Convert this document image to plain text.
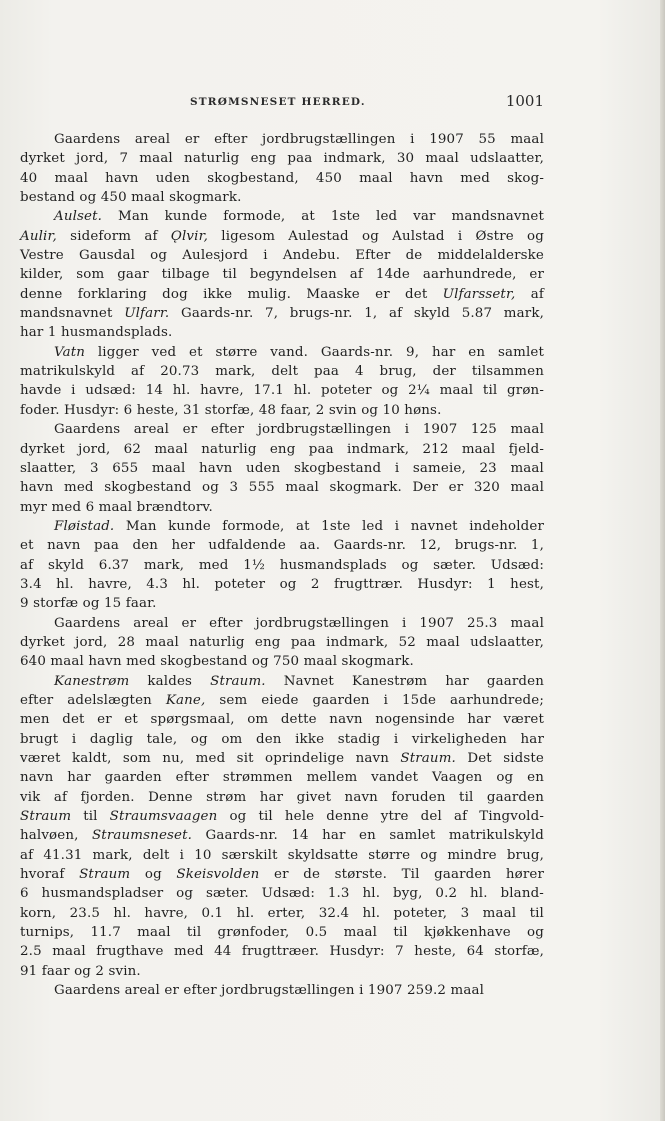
STRØMSNESET HERRED.	1001
Gaardens areal er efter jordbrugstællingen i 1907 55 maal
dyrket jord, 7 maal naturlig eng paa indmark, 30 maal udslaatter,
40 maal havn uden skogbestand, 450 maal havn med skog-
bestand og 450 maal skogmark.
Aulset. Man kunde formode, at 1ste led var mandsnavnet
Aulir, sideform af Ǫlvir, ligesom Aulestad og Aulstad i Østre og
Vestre Gausdal og Aulesjord i Andebu. Efter de middelalderske
kilder, som gaar tilbage til begyndelsen af 14de aarhundrede, er
denne forklaring dog ikke mulig. Maaske er det Ulfarssetr, af
mandsnavnet Ulfarr. Gaards-nr. 7, brugs-nr. 1, af skyld 5.87 mark,
har 1 husmandsplads.
Vatn ligger ved et større vand. Gaards-nr. 9, har en samlet
matrikulskyld af 20.73 mark, delt paa 4 brug, der tilsammen
havde i udsæd: 14 hl. havre, 17.1 hl. poteter og 2¼ maal til grøn-
foder. Husdyr: 6 heste, 31 storfæ, 48 faar, 2 svin og 10 høns.
Gaardens areal er efter jordbrugstællingen i 1907 125 maal
dyrket jord, 62 maal naturlig eng paa indmark, 212 maal fjeld-
slaatter, 3 655 maal havn uden skogbestand i sameie, 23 maal
havn med skogbestand og 3 555 maal skogmark. Der er 320 maal
myr med 6 maal brændtorv.
Fløistad. Man kunde formode, at 1ste led i navnet indeholder
et navn paa den her udfaldende aa. Gaards-nr. 12, brugs-nr. 1,
af skyld 6.37 mark, med 1½ husmandsplads og sæter. Udsæd:
3.4 hl. havre, 4.3 hl. poteter og 2 frugttrær. Husdyr: 1 hest,
9 storfæ og 15 faar.
Gaardens areal er efter jordbrugstællingen i 1907 25.3 maal
dyrket jord, 28 maal naturlig eng paa indmark, 52 maal udslaatter,
640 maal havn med skogbestand og 750 maal skogmark.
Kanestrøm kaldes Straum. Navnet Kanestrøm har gaarden
efter adelslægten Kane, sem eiede gaarden i 15de aarhundrede;
men det er et spørgsmaal, om dette navn nogensinde har været
brugt i daglig tale, og om den ikke stadig i virkeligheden har
været kaldt, som nu, med sit oprindelige navn Straum. Det sidste
navn har gaarden efter strømmen mellem vandet Vaagen og en
vik af fjorden. Denne strøm har givet navn foruden til gaarden
Straum til Straumsvaagen og til hele denne ytre del af Tingvold-
halvøen, Straumsneset. Gaards-nr. 14 har en samlet matrikulskyld
af 41.31 mark, delt i 10 særskilt skyldsatte større og mindre brug,
hvoraf Straum og Skeisvolden er de største. Til gaarden hører
6 husmandspladser og sæter. Udsæd: 1.3 hl. byg, 0.2 hl. bland-
korn, 23.5 hl. havre, 0.1 hl. erter, 32.4 hl. poteter, 3 maal til
turnips, 11.7 maal til grønfoder, 0.5 maal til kjøkkenhave og
2.5 maal frugthave med 44 frugttræer. Husdyr: 7 heste, 64 storfæ,
91 faar og 2 svin.
Gaardens areal er efter jordbrugstællingen i 1907 259.2 maal
